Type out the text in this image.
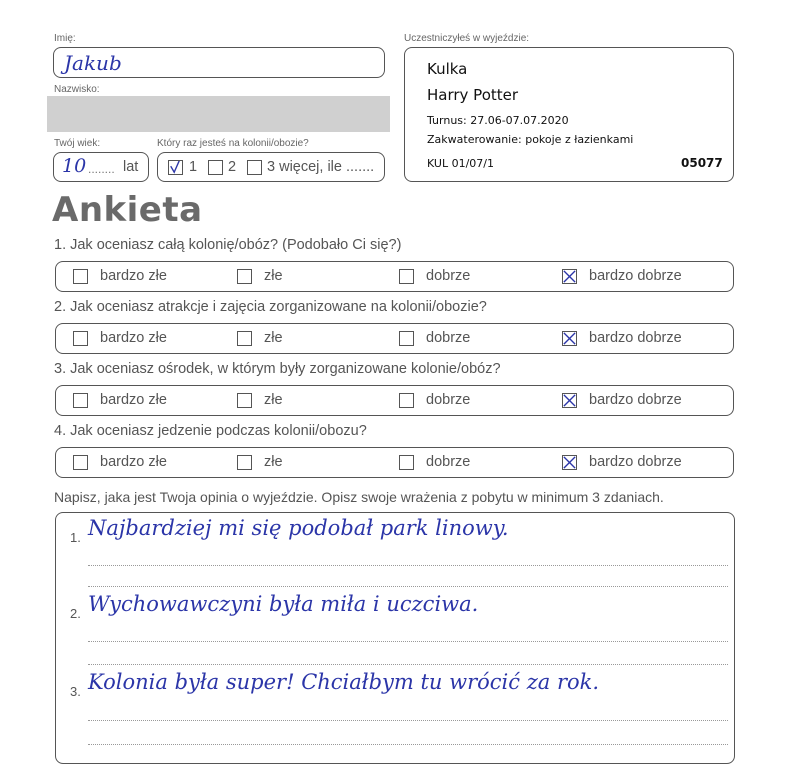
Imię:
Jakub
Nazwisko:
Twój wiek:
10 ........ lat
Który raz jesteś na kolonii/obozie?
1 2 3 więcej, ile .......
Uczestniczyłeś w wyjeździe:
Kulka
Harry Potter
Turnus: 27.06-07.07.2020
Zakwaterowanie: pokoje z łazienkami
KUL 01/07/1	05077
Ankieta
1. Jak oceniasz całą kolonię/obóz? (Podobało Ci się?)
bardzo złe	złe	dobrze	bardzo dobrze
2. Jak oceniasz atrakcje i zajęcia zorganizowane na kolonii/obozie?
bardzo złe	złe	dobrze	bardzo dobrze
3. Jak oceniasz ośrodek, w którym były zorganizowane kolonie/obóz?
bardzo złe	złe	dobrze	bardzo dobrze
4. Jak oceniasz jedzenie podczas kolonii/obozu?
bardzo złe	złe	dobrze	bardzo dobrze
Napisz, jaka jest Twoja opinia o wyjeździe. Opisz swoje wrażenia z pobytu w minimum 3 zdaniach.
1. Najbardziej mi się podobał park linowy.
2. Wychowawczyni była miła i uczciwa.
3. Kolonia była super! Chciałbym tu wrócić za rok.
